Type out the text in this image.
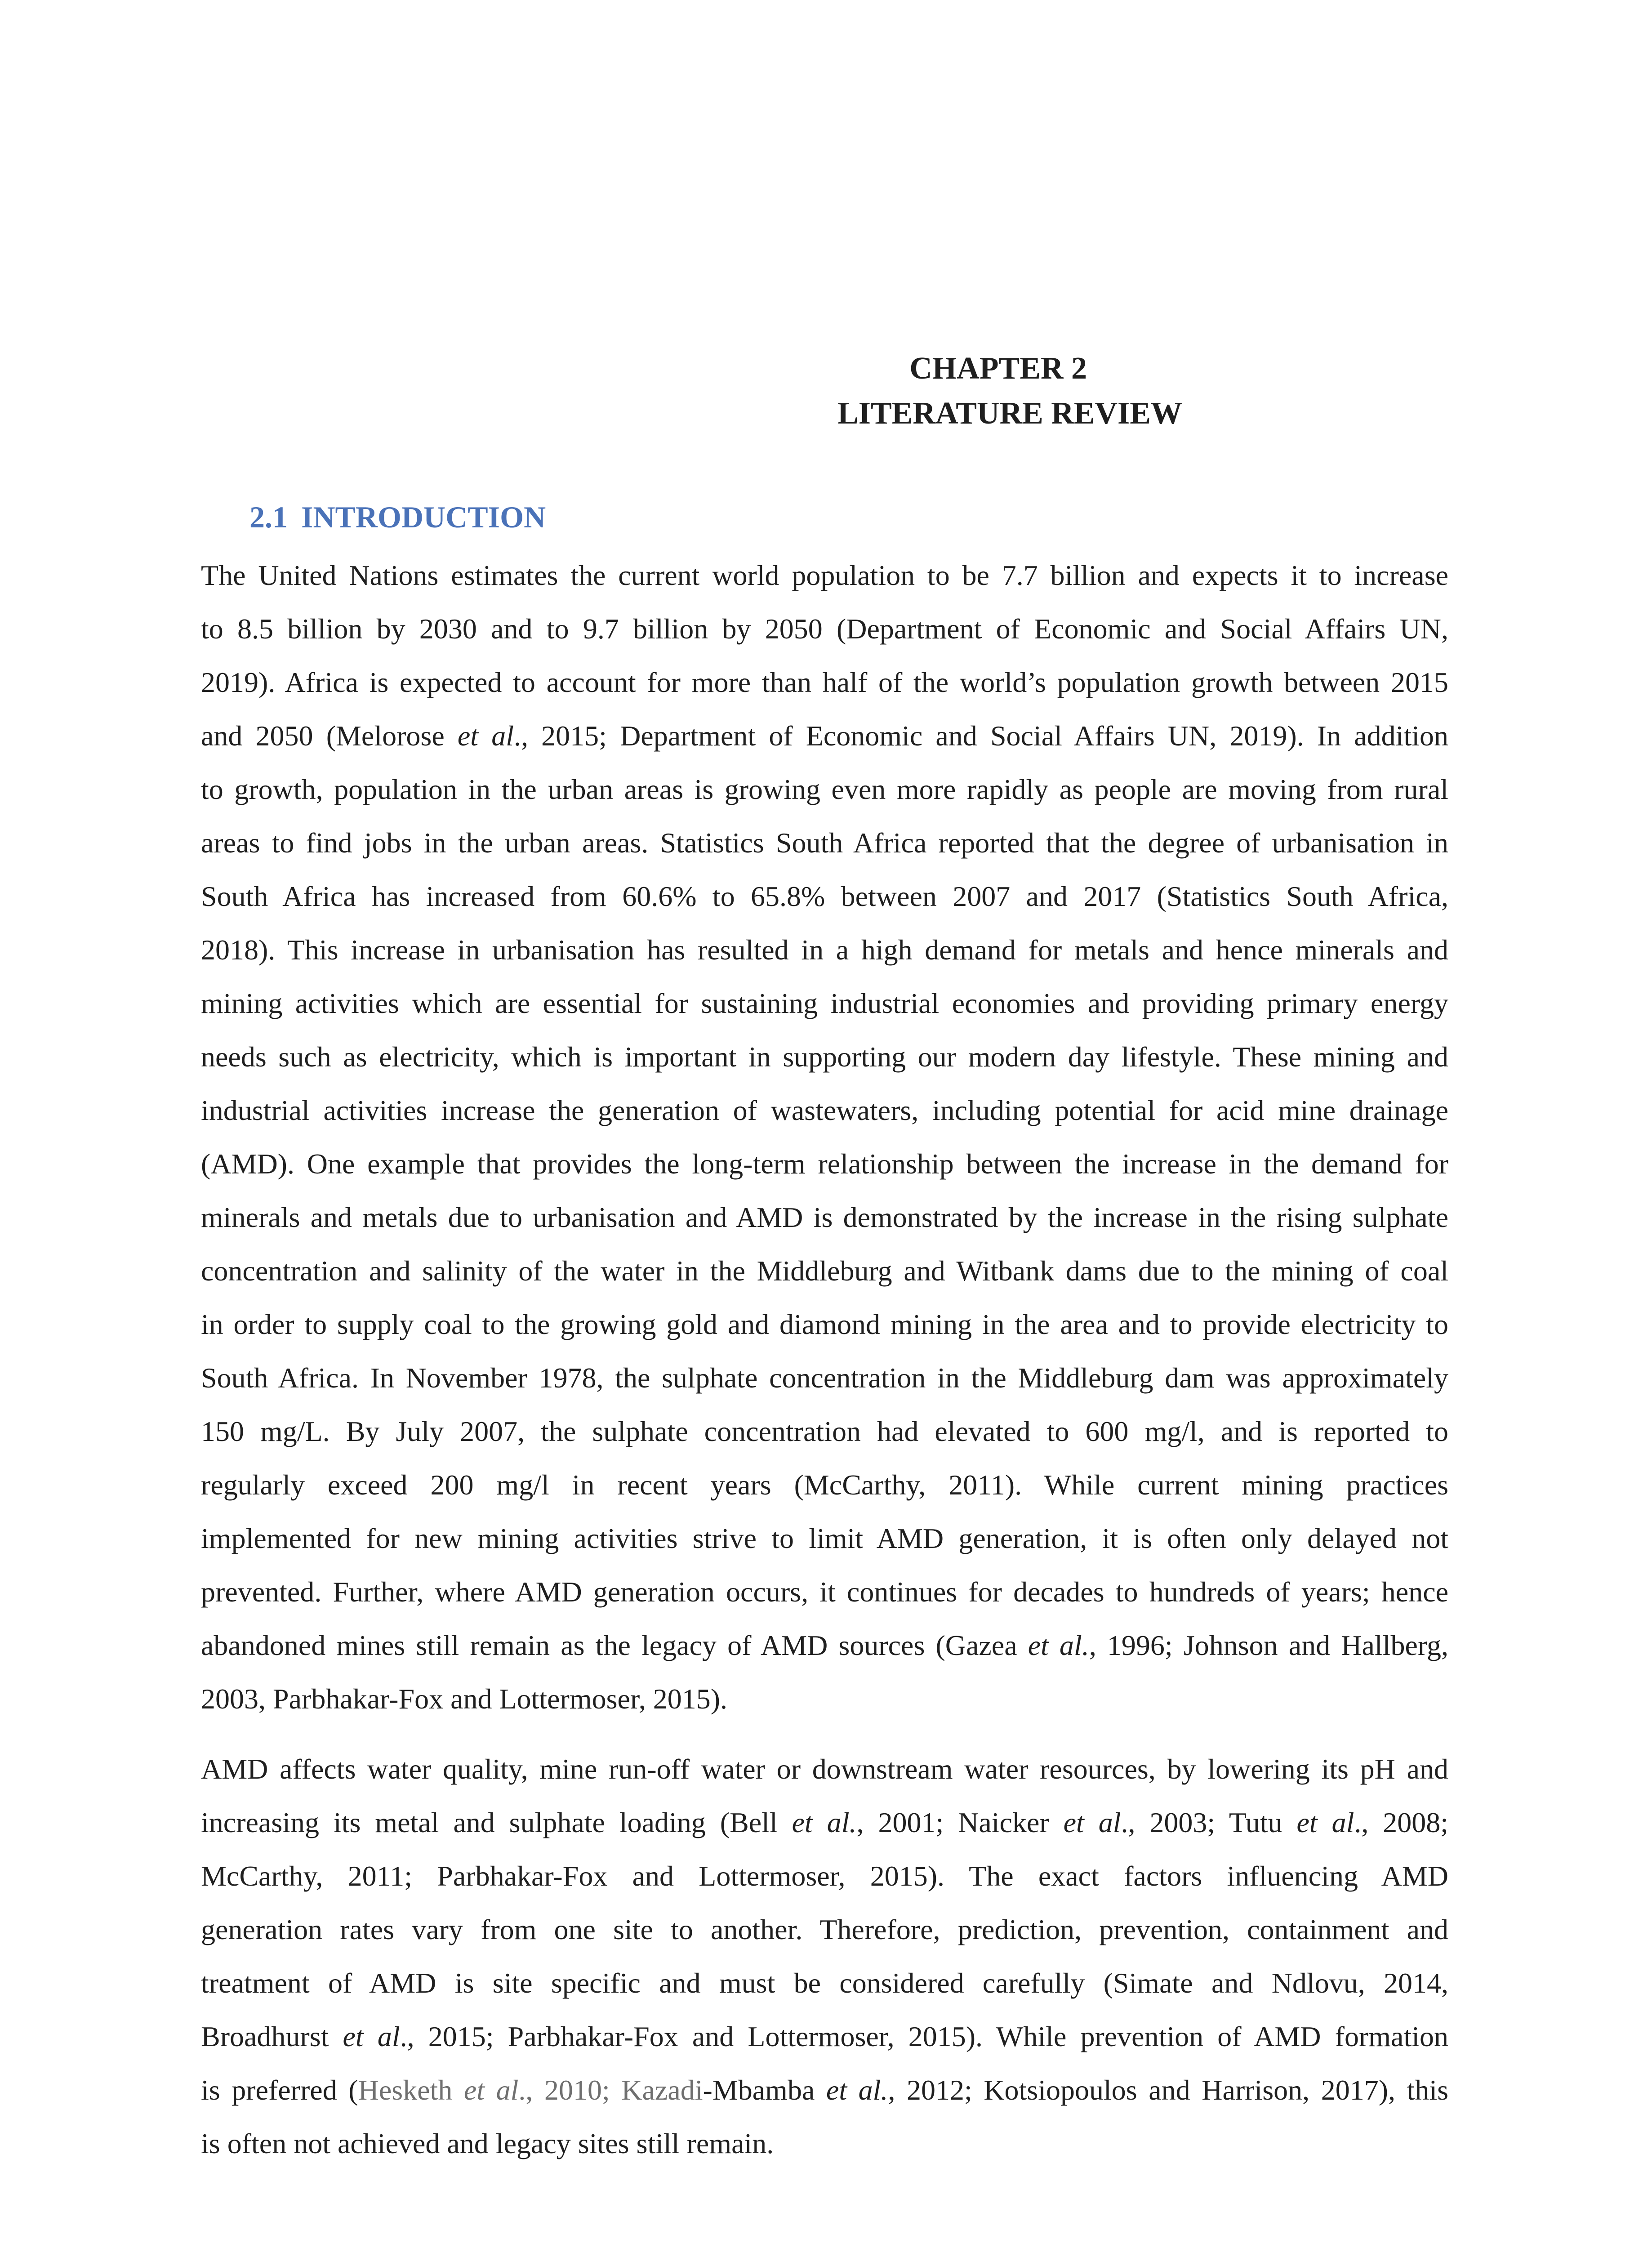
CHAPTER 2
LITERATURE REVIEW
2.1 INTRODUCTION

The United Nations estimates the current world population to be 7.7 billion and expects it to increase
to 8.5 billion by 2030 and to 9.7 billion by 2050 (Department of Economic and Social Affairs UN,
2019). Africa is expected to account for more than half of the world’s population growth between 2015
and 2050 (Melorose et al., 2015; Department of Economic and Social Affairs UN, 2019). In addition
to growth, population in the urban areas is growing even more rapidly as people are moving from rural
areas to find jobs in the urban areas. Statistics South Africa reported that the degree of urbanisation in
South Africa has increased from 60.6% to 65.8% between 2007 and 2017 (Statistics South Africa,
2018). This increase in urbanisation has resulted in a high demand for metals and hence minerals and
mining activities which are essential for sustaining industrial economies and providing primary energy
needs such as electricity, which is important in supporting our modern day lifestyle. These mining and
industrial activities increase the generation of wastewaters, including potential for acid mine drainage
(AMD). One example that provides the long-term relationship between the increase in the demand for
minerals and metals due to urbanisation and AMD is demonstrated by the increase in the rising sulphate
concentration and salinity of the water in the Middleburg and Witbank dams due to the mining of coal
in order to supply coal to the growing gold and diamond mining in the area and to provide electricity to
South Africa. In November 1978, the sulphate concentration in the Middleburg dam was approximately
150 mg/L. By July 2007, the sulphate concentration had elevated to 600 mg/l, and is reported to
regularly exceed 200 mg/l in recent years (McCarthy, 2011). While current mining practices
implemented for new mining activities strive to limit AMD generation, it is often only delayed not
prevented. Further, where AMD generation occurs, it continues for decades to hundreds of years; hence
abandoned mines still remain as the legacy of AMD sources (Gazea et al., 1996; Johnson and Hallberg,
2003, Parbhakar-Fox and Lottermoser, 2015).

AMD affects water quality, mine run-off water or downstream water resources, by lowering its pH and
increasing its metal and sulphate loading (Bell et al., 2001; Naicker et al., 2003; Tutu et al., 2008;
McCarthy, 2011; Parbhakar-Fox and Lottermoser, 2015). The exact factors influencing AMD
generation rates vary from one site to another. Therefore, prediction, prevention, containment and
treatment of AMD is site specific and must be considered carefully (Simate and Ndlovu, 2014,
Broadhurst et al., 2015; Parbhakar-Fox and Lottermoser, 2015). While prevention of AMD formation
is preferred (Hesketh et al., 2010; Kazadi-Mbamba et al., 2012; Kotsiopoulos and Harrison, 2017), this
is often not achieved and legacy sites still remain.
